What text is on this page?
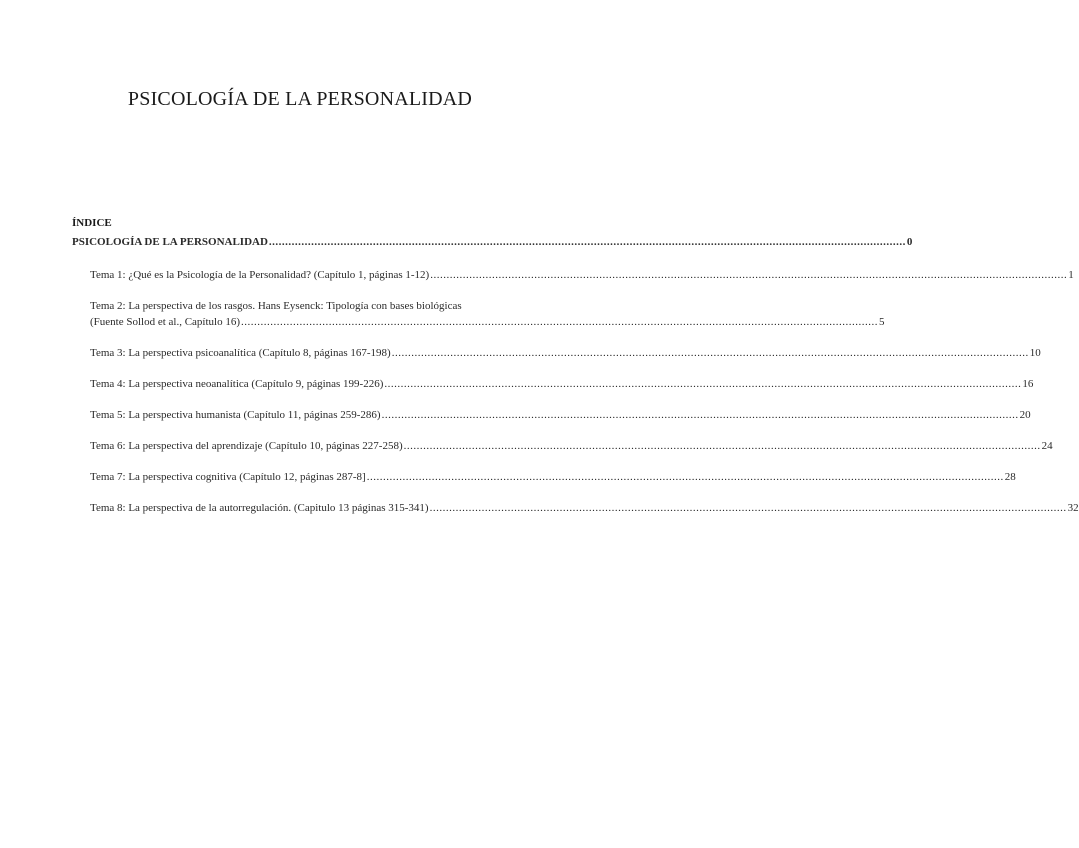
PSICOLOGÍA DE LA PERSONALIDAD
ÍNDICE
PSICOLOGÍA DE LA PERSONALIDAD .....	0
Tema 1: ¿Qué es la Psicología de la Personalidad? (Capítulo 1, páginas 1-12) .....	1
Tema 2: La perspectiva de los rasgos. Hans Eysenck: Tipología con bases biológicas
(Fuente Sollod et al., Capítulo 16) .....	5
Tema 3: La perspectiva psicoanalítica (Capítulo 8, páginas 167-198) .....	10
Tema 4: La perspectiva neoanalítica (Capítulo 9, páginas 199-226) .....	16
Tema 5: La perspectiva humanista (Capítulo 11, páginas 259-286) .....	20
Tema 6: La perspectiva del aprendizaje (Capítulo 10, páginas 227-258) .....	24
Tema 7: La perspectiva cognitiva (Capítulo 12, páginas 287-8] .....	28
Tema 8: La perspectiva de la autorregulación. (Capitulo 13 páginas 315-341) .....	32
